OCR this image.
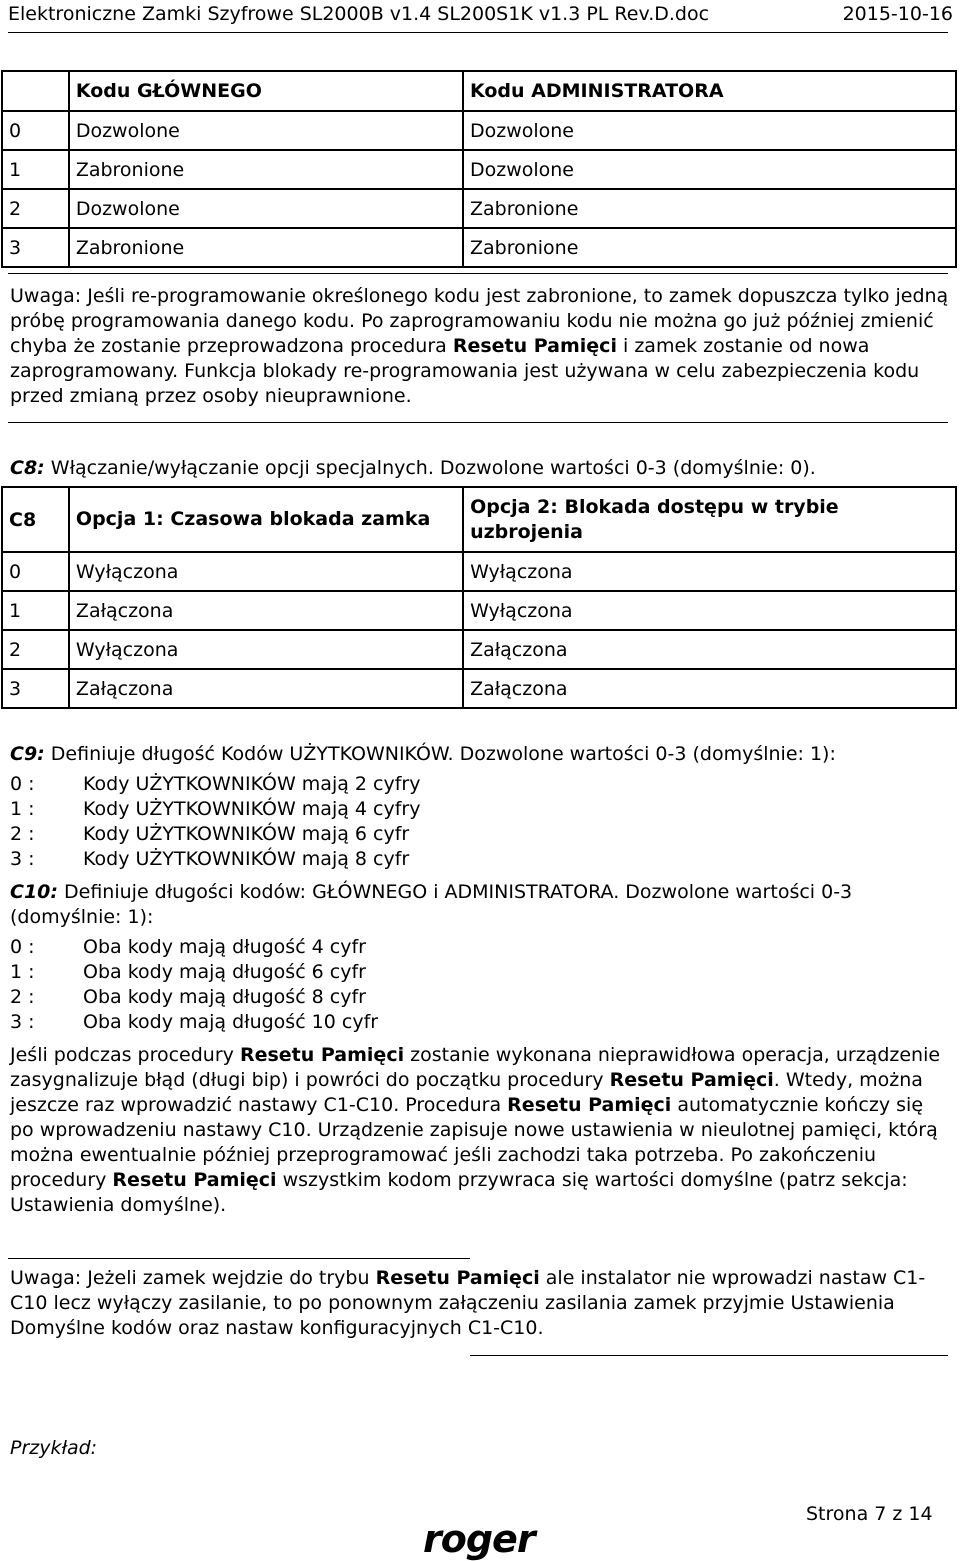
Elektroniczne Zamki Szyfrowe SL2000B v1.4 SL200S1K v1.3 PL Rev.D.doc	2015-10-16
	Kodu GŁÓWNEGO	Kodu ADMINISTRATORA
0	Dozwolone	Dozwolone
1	Zabronione	Dozwolone
2	Dozwolone	Zabronione
3	Zabronione	Zabronione
Uwaga: Jeśli re-programowanie określonego kodu jest zabronione, to zamek dopuszcza tylko jedną próbę programowania danego kodu. Po zaprogramowaniu kodu nie można go już później zmienić chyba że zostanie przeprowadzona procedura Resetu Pamięci i zamek zostanie od nowa zaprogramowany. Funkcja blokady re-programowania jest używana w celu zabezpieczenia kodu przed zmianą przez osoby nieuprawnione.
C8: Włączanie/wyłączanie opcji specjalnych. Dozwolone wartości 0-3 (domyślnie: 0).
C8	Opcja 1: Czasowa blokada zamka	Opcja 2: Blokada dostępu w trybie uzbrojenia
0	Wyłączona	Wyłączona
1	Załączona	Wyłączona
2	Wyłączona	Załączona
3	Załączona	Załączona
C9: Definiuje długość Kodów UŻYTKOWNIKÓW. Dozwolone wartości 0-3 (domyślnie: 1):
0 :	Kody UŻYTKOWNIKÓW mają 2 cyfry
1 :	Kody UŻYTKOWNIKÓW mają 4 cyfry
2 :	Kody UŻYTKOWNIKÓW mają 6 cyfr
3 :	Kody UŻYTKOWNIKÓW mają 8 cyfr
C10: Definiuje długości kodów: GŁÓWNEGO i ADMINISTRATORA. Dozwolone wartości 0-3 (domyślnie: 1):
0 :	Oba kody mają długość 4 cyfr
1 :	Oba kody mają długość 6 cyfr
2 :	Oba kody mają długość 8 cyfr
3 :	Oba kody mają długość 10 cyfr
Jeśli podczas procedury Resetu Pamięci zostanie wykonana nieprawidłowa operacja, urządzenie zasygnalizuje błąd (długi bip) i powróci do początku procedury Resetu Pamięci. Wtedy, można jeszcze raz wprowadzić nastawy C1-C10. Procedura Resetu Pamięci automatycznie kończy się po wprowadzeniu nastawy C10. Urządzenie zapisuje nowe ustawienia w nieulotnej pamięci, którą można ewentualnie później przeprogramować jeśli zachodzi taka potrzeba. Po zakończeniu procedury Resetu Pamięci wszystkim kodom przywraca się wartości domyślne (patrz sekcja: Ustawienia domyślne).
Uwaga: Jeżeli zamek wejdzie do trybu Resetu Pamięci ale instalator nie wprowadzi nastaw C1-C10 lecz wyłączy zasilanie, to po ponownym załączeniu zasilania zamek przyjmie Ustawienia Domyślne kodów oraz nastaw konfiguracyjnych C1-C10.
Przykład:
Strona 7 z 14
roger
